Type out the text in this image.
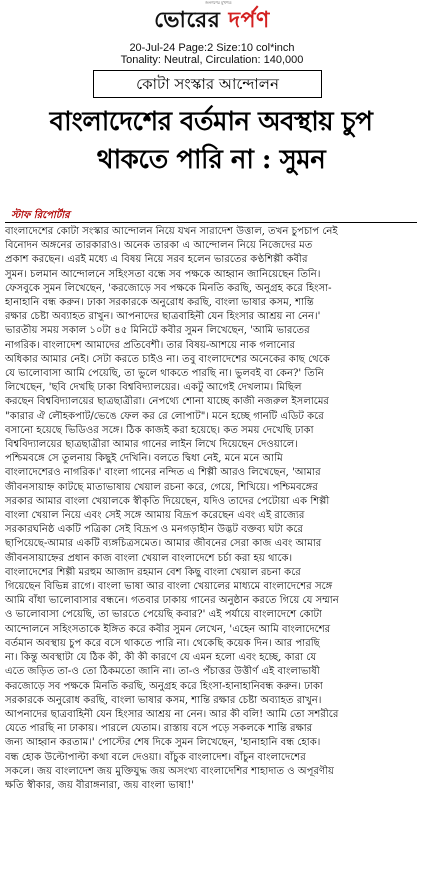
জনগণের মুখপত্র
ভোরের দর্পণ
20-Jul-24 Page:2 Size:10 col*inch
Tonality: Neutral, Circulation: 140,000
কোটা সংস্কার আন্দোলন
বাংলাদেশের বর্তমান অবস্থায় চুপ
থাকতে পারি না : সুমন
স্টাফ রিপোর্টার
বাংলাদেশের কোটা সংস্কার আন্দোলন নিয়ে যখন সারাদেশ উত্তাল, তখন চুপচাপ নেই
বিনোদন অঙ্গনের তারকারাও। অনেক তারকা এ আন্দোলন নিয়ে নিজেদের মত
প্রকাশ করছেন। এরই মধ্যে এ বিষয় নিয়ে সরব হলেন ভারতের কণ্ঠশিল্পী কবীর
সুমন। চলমান আন্দোলনে সহিংসতা বন্ধে সব পক্ষকে আহ্বান জানিয়েছেন তিনি।
ফেসবুকে সুমন লিখেছেন, 'করজোড়ে সব পক্ষকে মিনতি করছি, অনুগ্রহ করে হিংসা-
হানাহানি বন্ধ করুন। ঢাকা সরকারকে অনুরোধ করছি, বাংলা ভাষার কসম, শান্তি
রক্ষার চেষ্টা অব্যাহত রাখুন। আপনাদের ছাত্রবাহিনী যেন হিংসার আশ্রয় না নেন।'
ভারতীয় সময় সকাল ১০টা ৪৫ মিনিটে কবীর সুমন লিখেছেন, 'আমি ভারতের
নাগরিক। বাংলাদেশ আমাদের প্রতিবেশী। তার বিষয়-আশয়ে নাক গলানোর
অধিকার আমার নেই। সেটা করতে চাইও না। তবু বাংলাদেশের অনেকের কাছ থেকে
যে ভালোবাসা আমি পেয়েছি, তা ভুলে থাকতে পারছি না। ভুলবই বা কেন?' তিনি
লিখেছেন, 'ছবি দেখছি ঢাকা বিশ্ববিদ্যালয়ের। একটু আগেই দেখলাম। মিছিল
করছেন বিশ্ববিদ্যালয়ের ছাত্রছাত্রীরা। নেপথ্যে শোনা যাচ্ছে কাজী নজরুল ইসলামের
"কারার ঐ লৌহকপাট/ভেঙে ফেল কর রে লোপাট"। মনে হচ্ছে গানটি এডিট করে
বসানো হয়েছে ভিডিওর সঙ্গে। ঠিক কাজই করা হয়েছে। কত সময় দেখেছি ঢাকা
বিশ্ববিদ্যালয়ের ছাত্রছাত্রীরা আমার গানের লাইন লিখে দিয়েছেন দেওয়ালে।
পশ্চিমবঙ্গে সে তুলনায় কিছুই দেখিনি। বলতে দ্বিধা নেই, মনে মনে আমি
বাংলাদেশেরও নাগরিক।' বাংলা গানের নন্দিত এ শিল্পী আরও লিখেছেন, 'আমার
জীবনসায়াহ্ন কাটছে মাতাভাষায় খেয়াল রচনা করে, গেয়ে, শিখিয়ে। পশ্চিমবঙ্গের
সরকার আমার বাংলা খেয়ালকে স্বীকৃতি দিয়েছেন, যদিও তাদের পেটোয়া এক শিল্পী
বাংলা খেয়াল নিয়ে এবং সেই সঙ্গে আমায় বিদ্রূপ করেছেন এবং এই রাজ্যের
সরকারঘনিষ্ঠ একটি পত্রিকা সেই বিদ্রূপ ও মনগড়াহীন উদ্ভট বক্তব্য ঘটা করে
ছাপিয়েছে-আমার একটি ব্যঙ্গচিত্রসমেত। আমার জীবনের সেরা কাজ এবং আমার
জীবনসায়াহ্নের প্রধান কাজ বাংলা খেয়াল বাংলাদেশে চর্চা করা হয় থাকে।
বাংলাদেশের শিল্পী মরহুম আজাদ রহমান বেশ কিছু বাংলা খেয়াল রচনা করে
গিয়েছেন বিভিন্ন রাগে। বাংলা ভাষা আর বাংলা খেয়ালের মাধ্যমে বাংলাদেশের সঙ্গে
আমি বাঁধা ভালোবাসার বন্ধনে। গতবার ঢাকায় গানের অনুষ্ঠান করতে গিয়ে যে সম্মান
ও ভালোবাসা পেয়েছি, তা ভারতে পেয়েছি কবার?' এই পর্যায়ে বাংলাদেশে কোটা
আন্দোলনে সহিংসতাকে ইঙ্গিত করে কবীর সুমন লেখেন, 'এহেন আমি বাংলাদেশের
বর্তমান অবস্থায় চুপ করে বসে থাকতে পারি না। থেকেছি কয়েক দিন। আর পারছি
না। কিন্তু অবস্থাটা যে ঠিক কী, কী কী কারণে যে এমন হলো এবং হচ্ছে, কারা যে
এতে জড়িত তা-ও তো ঠিকমতো জানি না। তা-ও পঁচাত্তর উত্তীর্ণ এই বাংলাভাষী
করজোড়ে সব পক্ষকে মিনতি করছি, অনুগ্রহ করে হিংসা-হানাহানিবন্ধ করুন। ঢাকা
সরকারকে অনুরোধ করছি, বাংলা ভাষার কসম, শান্তি রক্ষার চেষ্টা অব্যাহত রাখুন।
আপনাদের ছাত্রবাহিনী যেন হিংসার আশ্রয় না নেন। আর কী বলি! আমি তো সশরীরে
যেতে পারছি না ঢাকায়। পারলে যেতাম। রাস্তায় বসে পড়ে সকলকে শান্তি রক্ষার
জন্য আহ্বান করতাম।' পোস্টের শেষ দিকে সুমন লিখেছেন, 'হানাহানি বন্ধ হোক।
বন্ধ হোক উল্টোপাল্টা কথা বলে দেওয়া। বাঁচুক বাংলাদেশ। বাঁচুন বাংলাদেশের
সকলে। জয় বাংলাদেশ জয় মুক্তিযুদ্ধ জয় অসংখ্য বাংলাদেশির শাহাদাত ও অপূরণীয়
ক্ষতি স্বীকার, জয় বীরাঙ্গনারা, জয় বাংলা ভাষা!'
